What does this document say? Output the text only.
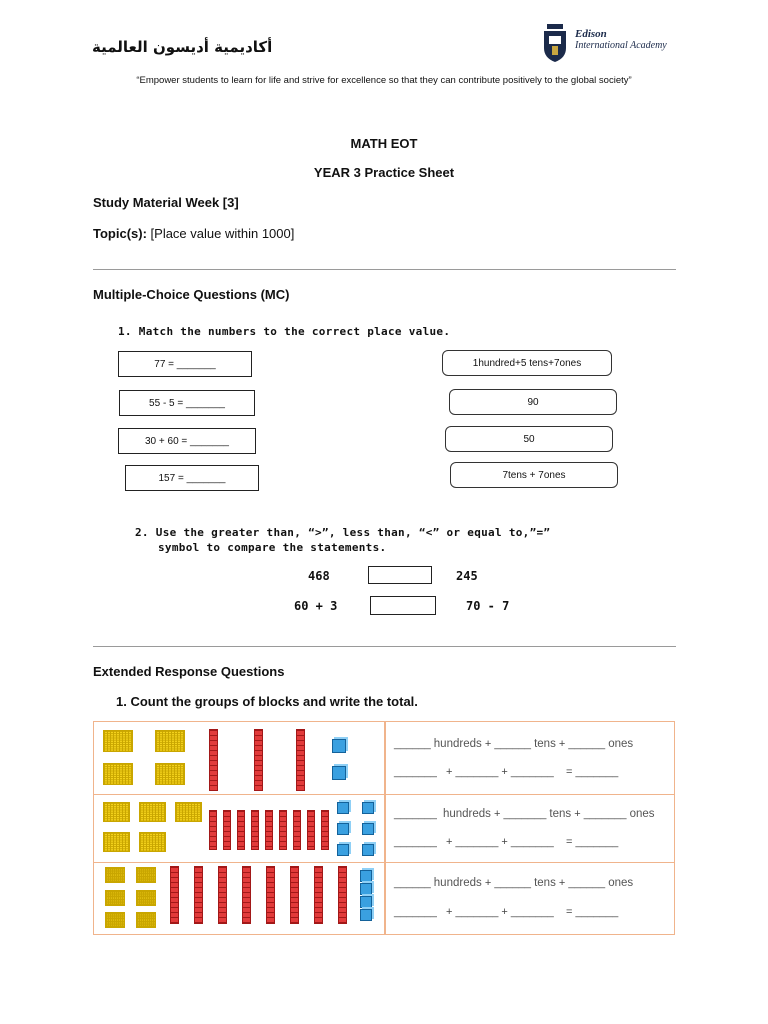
أكاديمية أديسون العالمية
Edison
International Academy
“Empower students to learn for life and strive for excellence so that they can contribute positively to the global society”
MATH EOT
YEAR 3 Practice Sheet
Study Material Week [3]
Topic(s): [Place value within 1000]
Multiple-Choice Questions (MC)
1. Match the numbers to the correct place value.
77 = _______
55 - 5 = _______
30 + 60 = _______
157 = _______
1hundred+5 tens+7ones
90
50
7tens + 7ones
2. Use the greater than, “>”, less than, “<” or equal to,”=”
symbol to compare the statements.
468	245
60 + 3	70 - 7
Extended Response Questions
1. Count the groups of blocks and write the total.
______ hundreds + ______ tens + ______ ones
_______ + _______ + _______ = _______
_______ hundreds + _______ tens + _______ ones
_______ + _______ + _______ = _______
______ hundreds + ______ tens + ______ ones
_______ + _______ + _______ = _______
